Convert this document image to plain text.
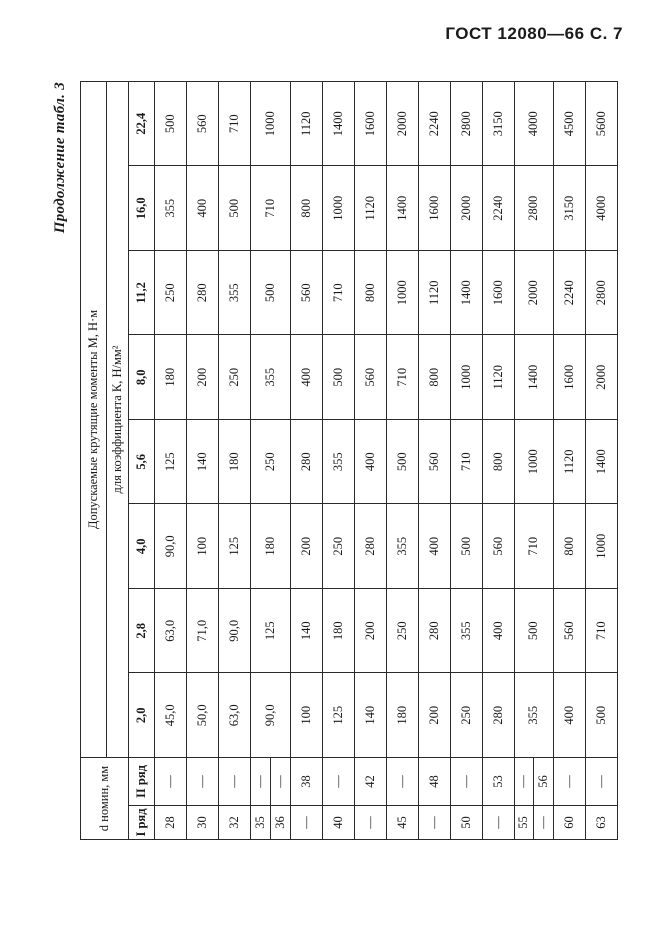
ГОСТ 12080—66 С. 7
Продолжение табл. 3
d номин, мм		Допускаемые крутящие моменты М, Н·м							
		для коэффициента К, Н/мм²							
I ряд	II ряд	2,0	2,8	4,0	5,6	8,0	11,2	16,0	22,4
28	—	45,0	63,0	90,0	125	180	250	355	500
30	—	50,0	71,0	100	140	200	280	400	560
32	—	63,0	90,0	125	180	250	355	500	710
35	—	90,0	125	180	250	355	500	710	1000
36	—								
—	38	100	140	200	280	400	560	800	1120
40	—	125	180	250	355	500	710	1000	1400
—	42	140	200	280	400	560	800	1120	1600
45	—	180	250	355	500	710	1000	1400	2000
—	48	200	280	400	560	800	1120	1600	2240
50	—	250	355	500	710	1000	1400	2000	2800
—	53	280	400	560	800	1120	1600	2240	3150
55	—	355	500	710	1000	1400	2000	2800	4000
—	56								
60	—	400	560	800	1120	1600	2240	3150	4500
63	—	500	710	1000	1400	2000	2800	4000	5600
